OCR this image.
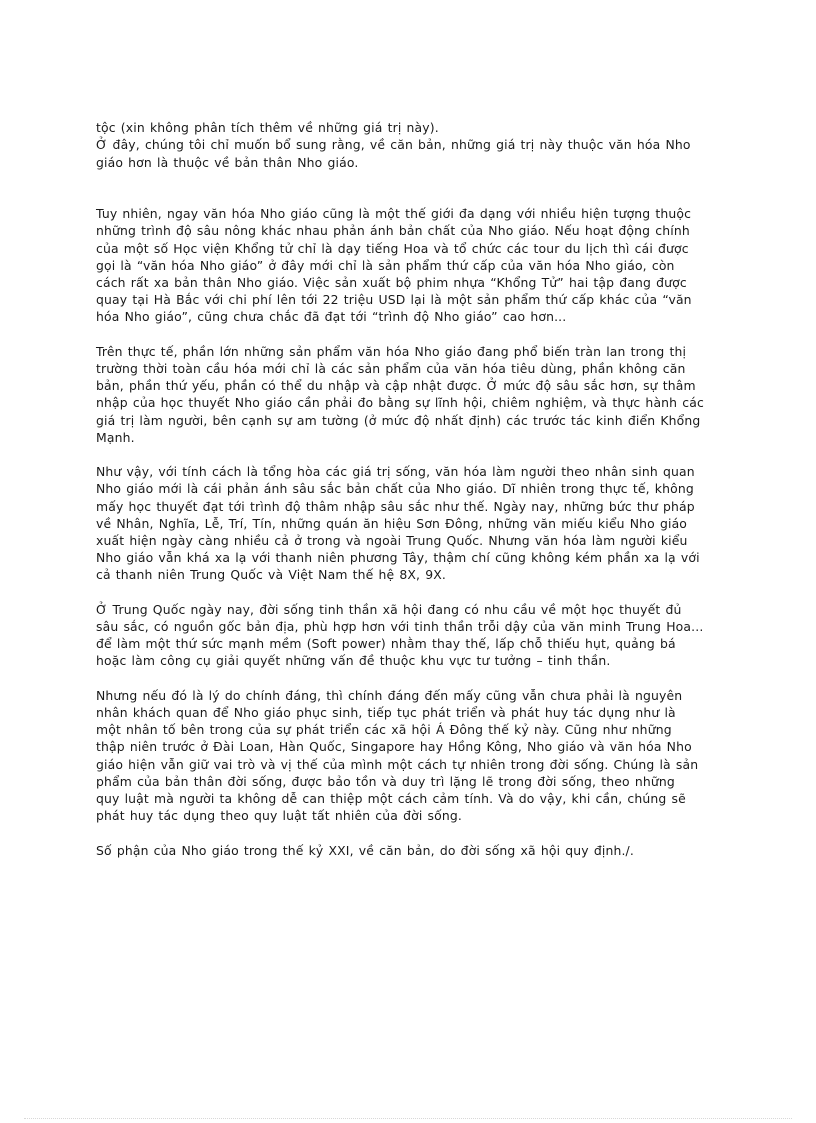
tộc (xin không phân tích thêm về những giá trị này).
Ở đây, chúng tôi chỉ muốn bổ sung rằng, về căn bản, những giá trị này thuộc văn hóa Nho
giáo hơn là thuộc về bản thân Nho giáo.

Tuy nhiên, ngay văn hóa Nho giáo cũng là một thế giới đa dạng với nhiều hiện tượng thuộc
những trình độ sâu nông khác nhau phản ánh bản chất của Nho giáo. Nếu hoạt động chính
của một số Học viện Khổng tử chỉ là dạy tiếng Hoa và tổ chức các tour du lịch thì cái được
gọi là “văn hóa Nho giáo” ở đây mới chỉ là sản phẩm thứ cấp của văn hóa Nho giáo, còn
cách rất xa bản thân Nho giáo. Việc sản xuất bộ phim nhựa “Khổng Tử” hai tập đang được
quay tại Hà Bắc với chi phí lên tới 22 triệu USD lại là một sản phẩm thứ cấp khác của “văn
hóa Nho giáo”, cũng chưa chắc đã đạt tới “trình độ Nho giáo” cao hơn...

Trên thực tế, phần lớn những sản phẩm văn hóa Nho giáo đang phổ biến tràn lan trong thị
trường thời toàn cầu hóa mới chỉ là các sản phẩm của văn hóa tiêu dùng, phần không căn
bản, phần thứ yếu, phần có thể du nhập và cập nhật được. Ở mức độ sâu sắc hơn, sự thâm
nhập của học thuyết Nho giáo cần phải đo bằng sự lĩnh hội, chiêm nghiệm, và thực hành các
giá trị làm người, bên cạnh sự am tường (ở mức độ nhất định) các trước tác kinh điển Khổng
Mạnh.

Như vậy, với tính cách là tổng hòa các giá trị sống, văn hóa làm người theo nhân sinh quan
Nho giáo mới là cái phản ánh sâu sắc bản chất của Nho giáo. Dĩ nhiên trong thực tế, không
mấy học thuyết đạt tới trình độ thâm nhập sâu sắc như thế. Ngày nay, những bức thư pháp
về Nhân, Nghĩa, Lễ, Trí, Tín, những quán ăn hiệu Sơn Đông, những văn miếu kiểu Nho giáo
xuất hiện ngày càng nhiều cả ở trong và ngoài Trung Quốc. Nhưng văn hóa làm người kiểu
Nho giáo vẫn khá xa lạ với thanh niên phương Tây, thậm chí cũng không kém phần xa lạ với
cả thanh niên Trung Quốc và Việt Nam thế hệ 8X, 9X.

Ở Trung Quốc ngày nay, đời sống tinh thần xã hội đang có nhu cầu về một học thuyết đủ
sâu sắc, có nguồn gốc bản địa, phù hợp hơn với tinh thần trỗi dậy của văn minh Trung Hoa...
để làm một thứ sức mạnh mềm (Soft power) nhằm thay thế, lấp chỗ thiếu hụt, quảng bá
hoặc làm công cụ giải quyết những vấn đề thuộc khu vực tư tưởng – tinh thần.

Nhưng nếu đó là lý do chính đáng, thì chính đáng đến mấy cũng vẫn chưa phải là nguyên
nhân khách quan để Nho giáo phục sinh, tiếp tục phát triển và phát huy tác dụng như là
một nhân tố bên trong của sự phát triển các xã hội Á Đông thế kỷ này. Cũng như những
thập niên trước ở Đài Loan, Hàn Quốc, Singapore hay Hồng Kông, Nho giáo và văn hóa Nho
giáo hiện vẫn giữ vai trò và vị thế của mình một cách tự nhiên trong đời sống. Chúng là sản
phẩm của bản thân đời sống, được bảo tồn và duy trì lặng lẽ trong đời sống, theo những
quy luật mà người ta không dễ can thiệp một cách cảm tính. Và do vậy, khi cần, chúng sẽ
phát huy tác dụng theo quy luật tất nhiên của đời sống.

Số phận của Nho giáo trong thế kỷ XXI, về căn bản, do đời sống xã hội quy định./.
